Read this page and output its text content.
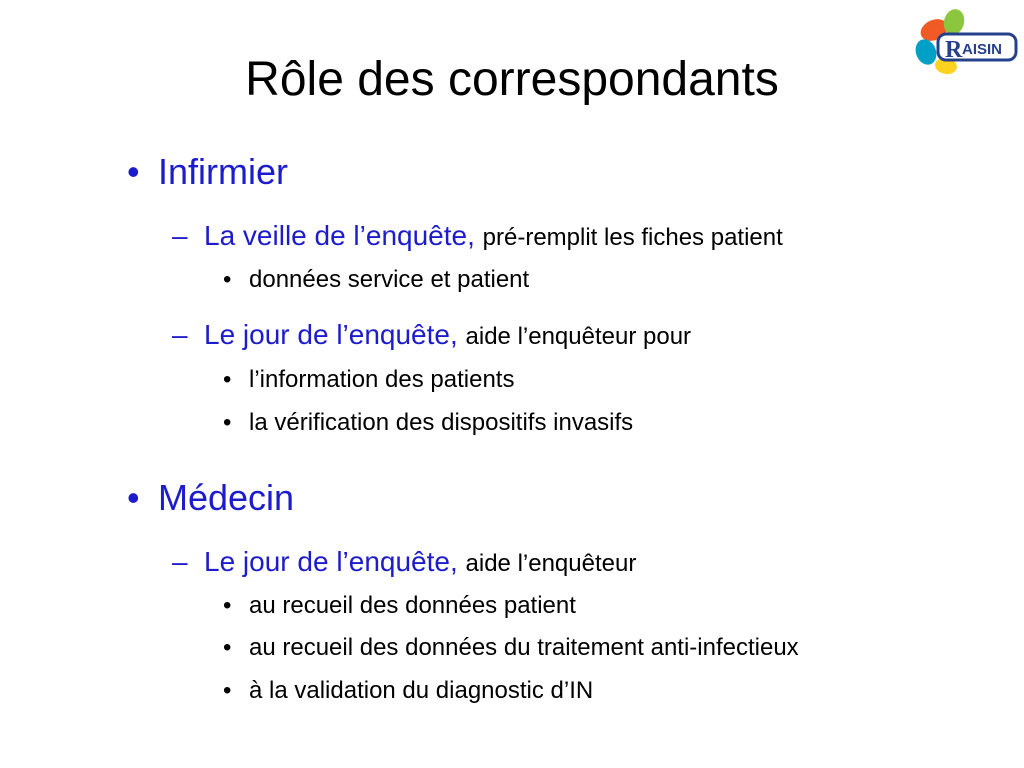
Rôle des correspondants
R AISIN
• Infirmier
– La veille de l’enquête, pré-remplit les fiches patient
• données service et patient
– Le jour de l’enquête, aide l’enquêteur pour
• l’information des patients
• la vérification des dispositifs invasifs
• Médecin
– Le jour de l’enquête, aide l’enquêteur
• au recueil des données patient
• au recueil des données du traitement anti-infectieux
• à la validation du diagnostic d’IN
